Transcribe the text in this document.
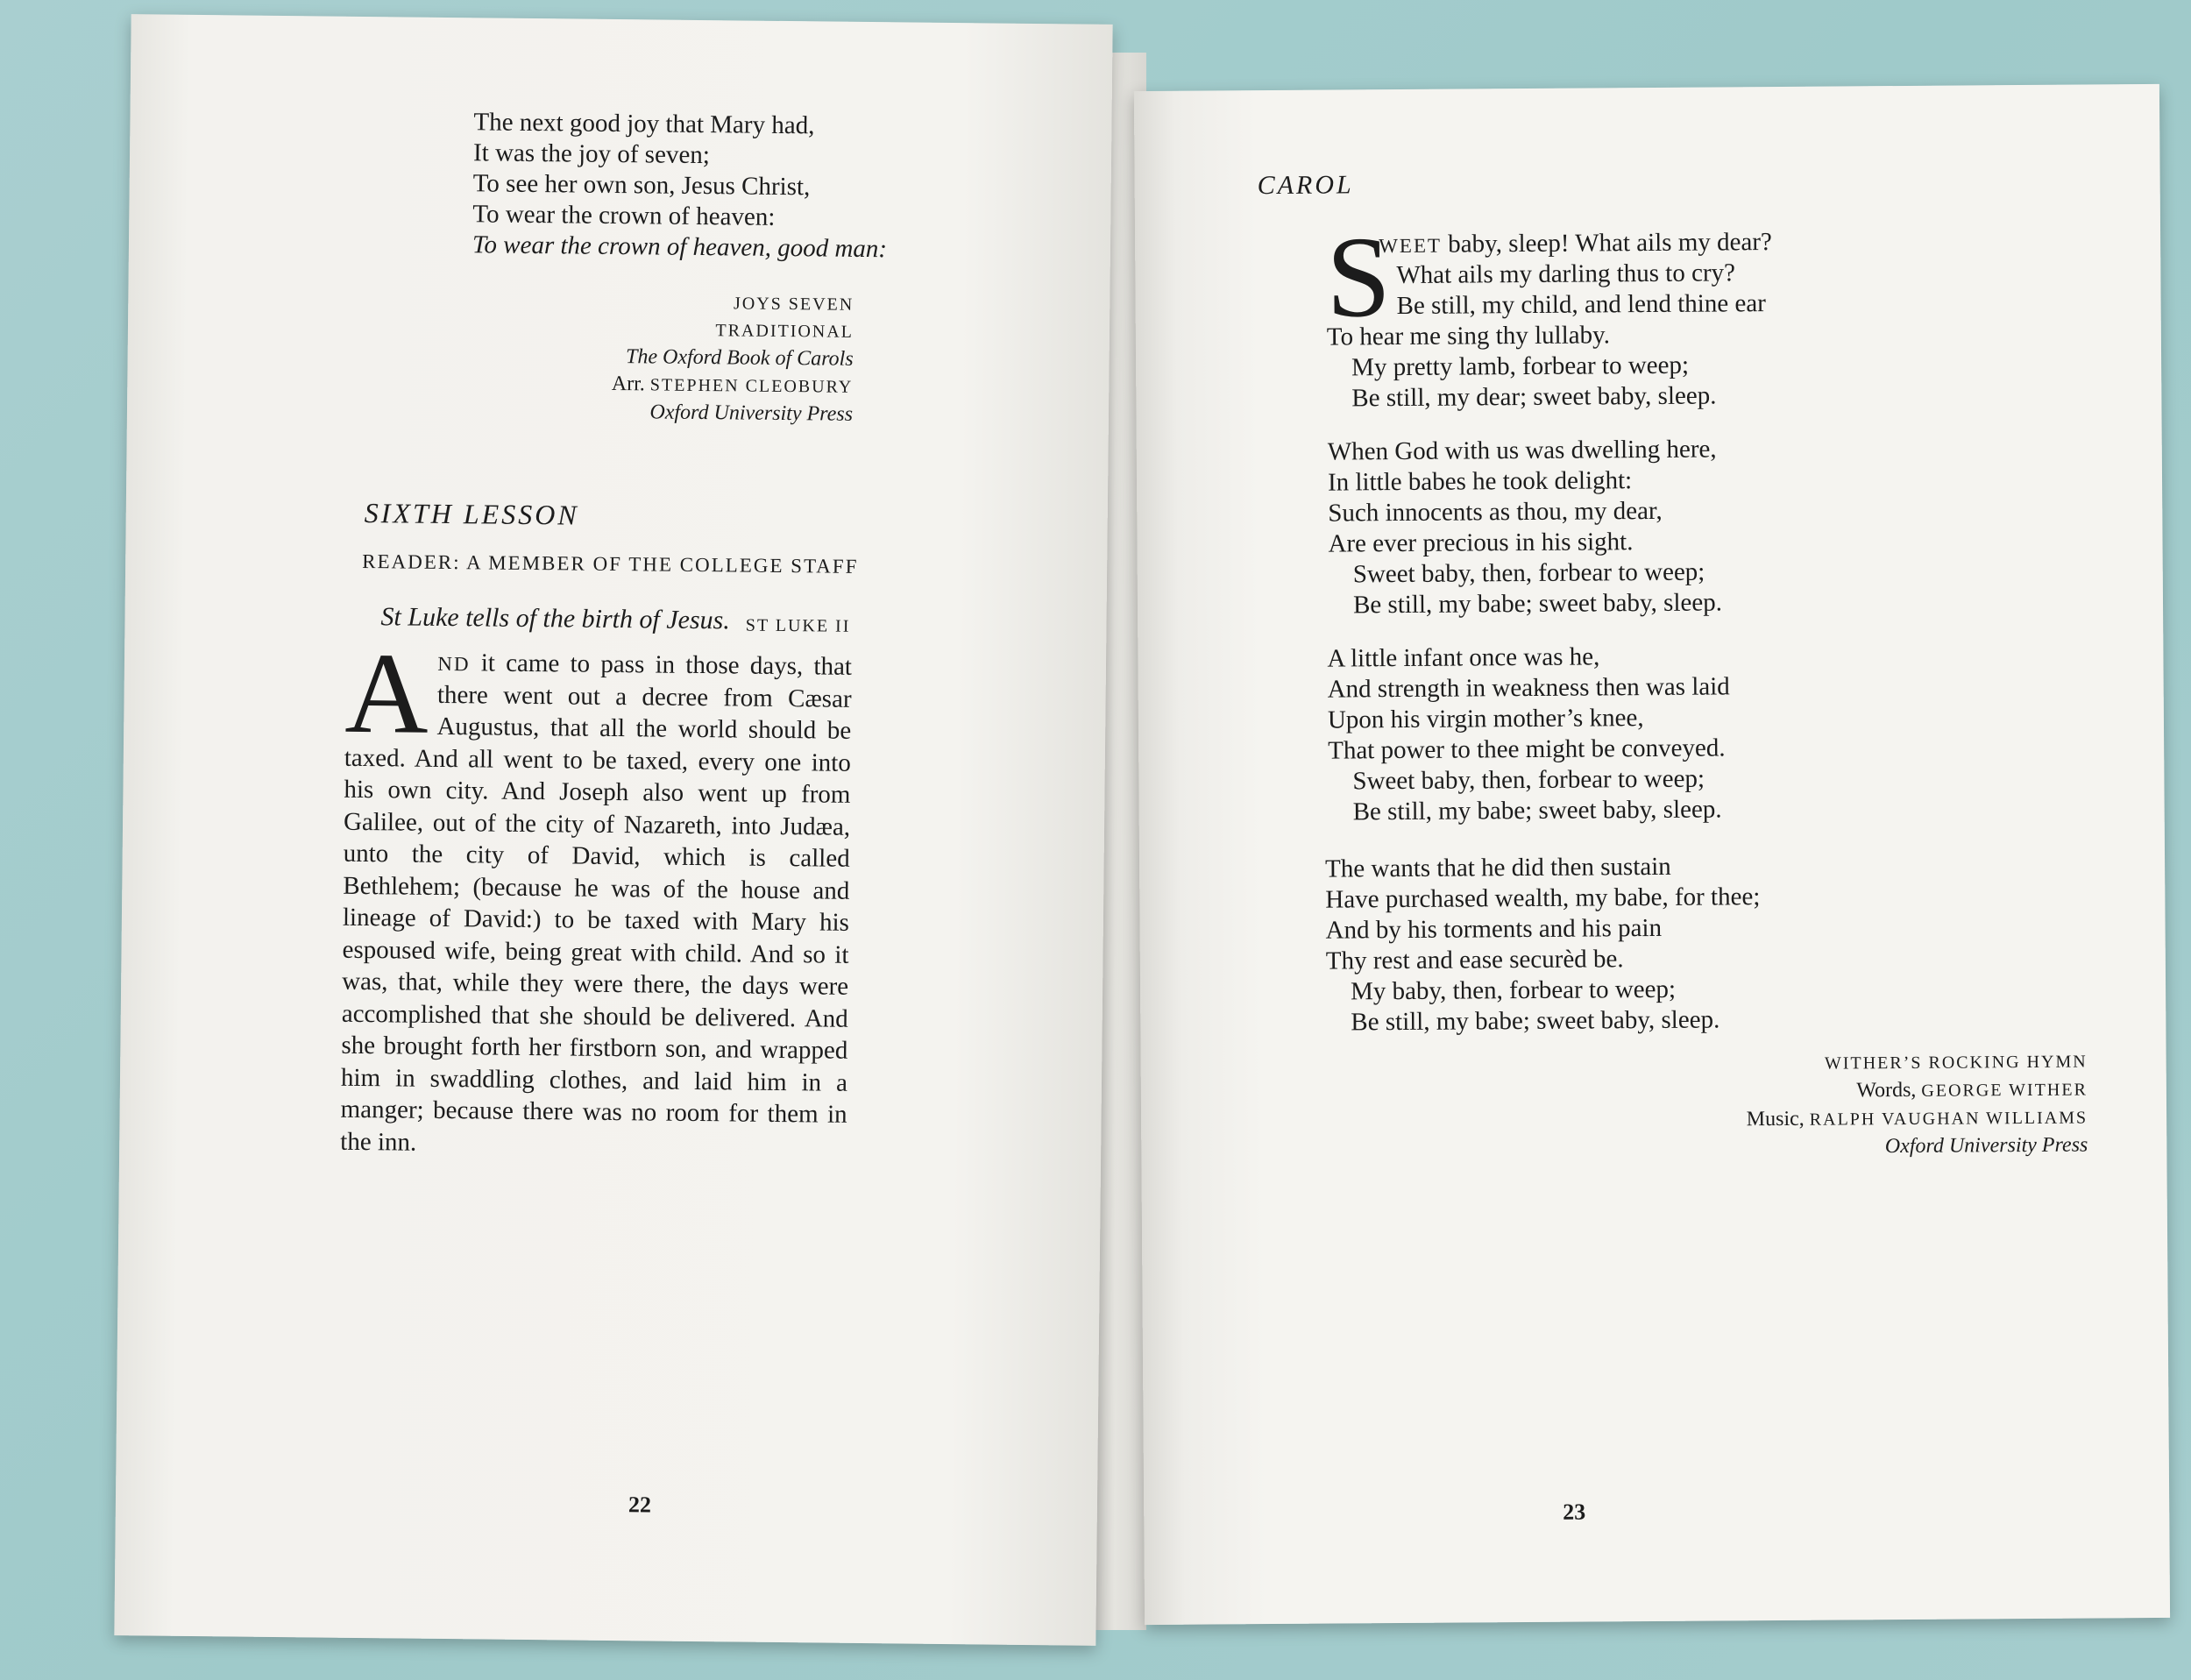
The next good joy that Mary had,
It was the joy of seven;
To see her own son, Jesus Christ,
To wear the crown of heaven:
To wear the crown of heaven, good man:
JOYS SEVEN
TRADITIONAL
The Oxford Book of Carols
Arr. STEPHEN CLEOBURY
Oxford University Press
SIXTH LESSON
READER: A MEMBER OF THE COLLEGE STAFF
St Luke tells of the birth of Jesus. ST LUKE II
AND it came to pass in those days, that there went out a decree from Cæsar Augustus, that all the world should be taxed. And all went to be taxed, every one into his own city. And Joseph also went up from Galilee, out of the city of Nazareth, into Judæa, unto the city of David, which is called Bethlehem; (because he was of the house and lineage of David:) to be taxed with Mary his espoused wife, being great with child. And so it was, that, while they were there, the days were accomplished that she should be delivered. And she brought forth her firstborn son, and wrapped him in swaddling clothes, and laid him in a manger; because there was no room for them in the inn.
22
CAROL
S
WEET baby, sleep! What ails my dear?
What ails my darling thus to cry?
Be still, my child, and lend thine ear
To hear me sing thy lullaby.
My pretty lamb, forbear to weep;
Be still, my dear; sweet baby, sleep.
When God with us was dwelling here,
In little babes he took delight:
Such innocents as thou, my dear,
Are ever precious in his sight.
Sweet baby, then, forbear to weep;
Be still, my babe; sweet baby, sleep.
A little infant once was he,
And strength in weakness then was laid
Upon his virgin mother’s knee,
That power to thee might be conveyed.
Sweet baby, then, forbear to weep;
Be still, my babe; sweet baby, sleep.
The wants that he did then sustain
Have purchased wealth, my babe, for thee;
And by his torments and his pain
Thy rest and ease securèd be.
My baby, then, forbear to weep;
Be still, my babe; sweet baby, sleep.
WITHER’S ROCKING HYMN
Words, GEORGE WITHER
Music, RALPH VAUGHAN WILLIAMS
Oxford University Press
23
